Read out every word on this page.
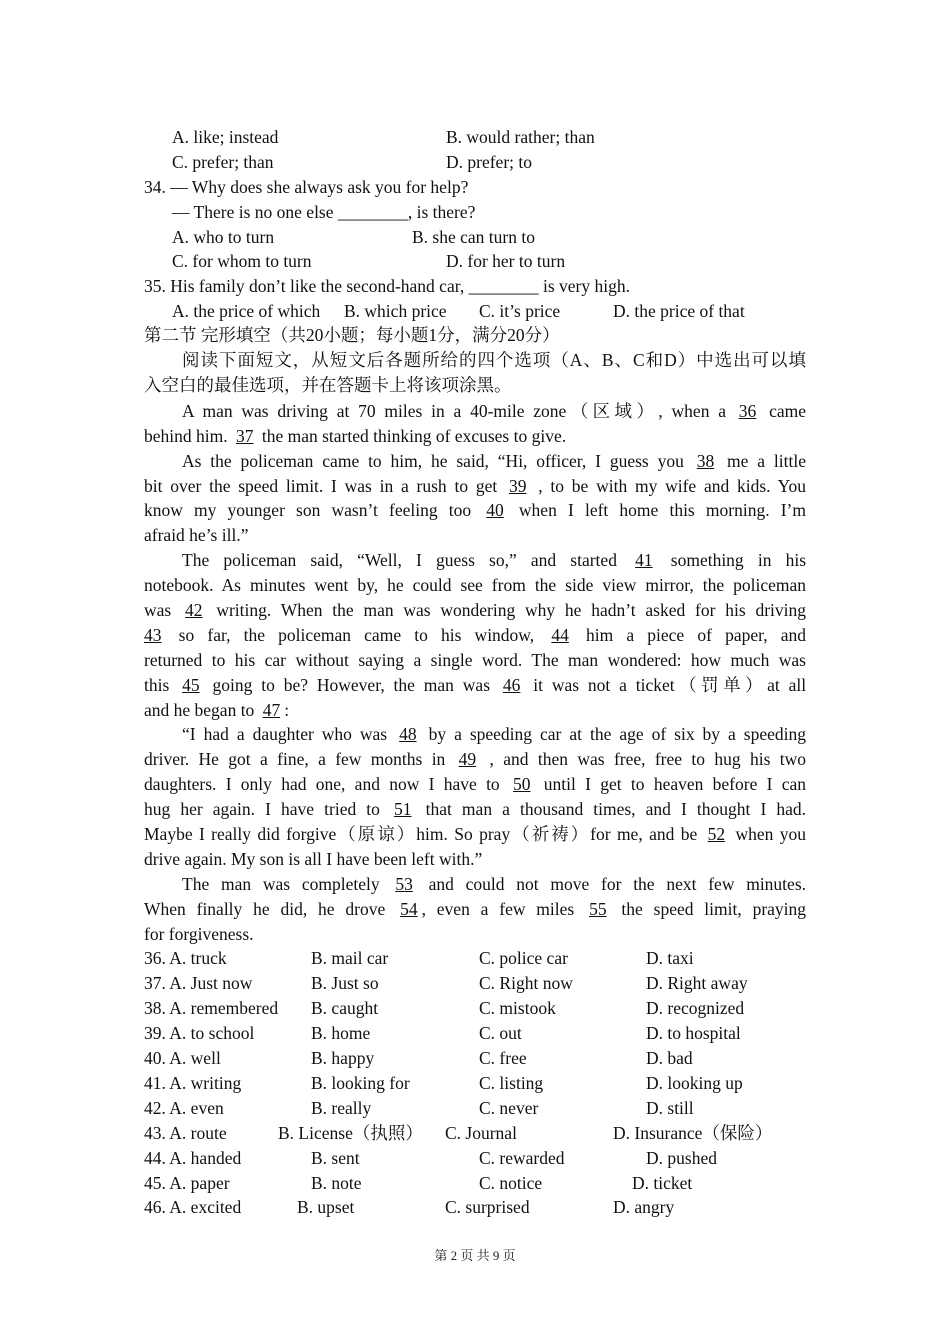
A. like; instead	B. would rather; than
C. prefer; than	D. prefer; to
34. — Why does she always ask you for help?
— There is no one else ________, is there?
A. who to turn	B. she can turn to
C. for whom to turn	D. for her to turn
35. His family don’t like the second-hand car, ________ is very high.
A. the price of which B. which price C. it’s price	D. the price of that
第二节 完形填空（共20小题；每小题1分，满分20分）
阅读下面短文，从短文后各题所给的四个选项（A、B、C和D）中选出可以填
入空白的最佳选项，并在答题卡上将该项涂黑。
A man was driving at 70 miles in a 40-mile zone（区域）, when a 36 came
behind him. 37 the man started thinking of excuses to give.
As the policeman came to him, he said, “Hi, officer, I guess you 38 me a little
bit over the speed limit. I was in a rush to get 39 , to be with my wife and kids. You
know my younger son wasn’t feeling too 40 when I left home this morning. I’m
afraid he’s ill.”
The policeman said, “Well, I guess so,” and started 41 something in his
notebook. As minutes went by, he could see from the side view mirror, the policeman
was 42 writing. When the man was wondering why he hadn’t asked for his driving
43 so far, the policeman came to his window, 44 him a piece of paper, and
returned to his car without saying a single word. The man wondered: how much was
this 45 going to be? However, the man was 46 it was not a ticket（罚单）at all
and he began to 47 :
“I had a daughter who was 48 by a speeding car at the age of six by a speeding
driver. He got a fine, a few months in 49 , and then was free, free to hug his two
daughters. I only had one, and now I have to 50 until I get to heaven before I can
hug her again. I have tried to 51 that man a thousand times, and I thought I had.
Maybe I really did forgive（原谅）him. So pray（祈祷）for me, and be 52 when you
drive again. My son is all I have been left with.”
The man was completely 53 and could not move for the next few minutes.
When finally he did, he drove 54 , even a few miles 55 the speed limit, praying
for forgiveness.
36. A. truck	B. mail car	C. police car	D. taxi
37. A. Just now	B. Just so	C. Right now	D. Right away
38. A. remembered B. caught	C. mistook	D. recognized
39. A. to school	B. home	C. out	D. to hospital
40. A. well	B. happy	C. free	D. bad
41. A. writing	B. looking for	C. listing	D. looking up
42. A. even	B. really	C. never	D. still
43. A. route	B. License（执照） C. Journal	D. Insurance（保险）
44. A. handed	B. sent	C. rewarded	D. pushed
45. A. paper	B. note	C. notice	D. ticket
46. A. excited	B. upset	C. surprised	D. angry
第 2 页 共 9 页
